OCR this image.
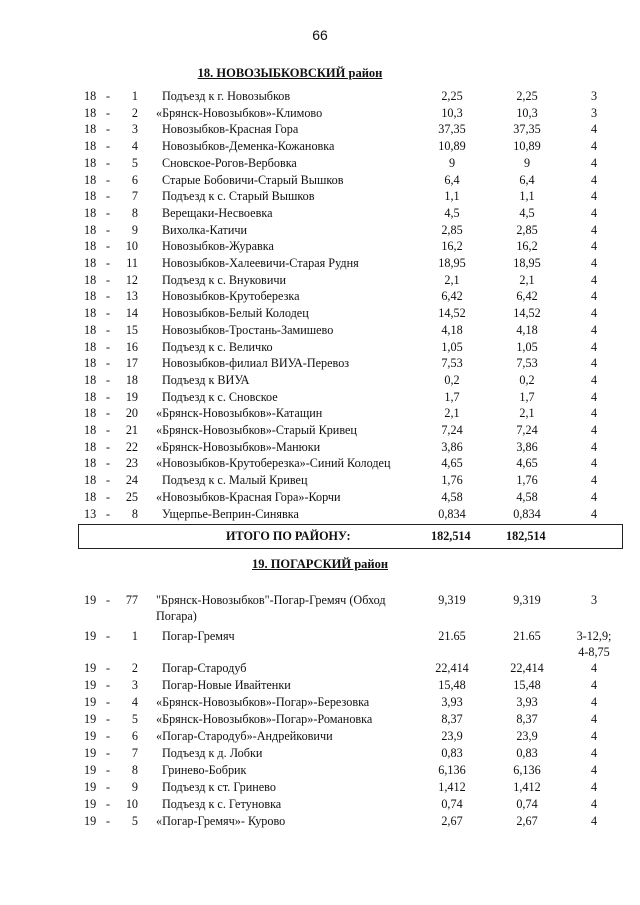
66
18. НОВОЗЫБКОВСКИЙ район
18 -	1 Подъезд к г. Новозыбков	2,25	2,25	3
18 -	2 «Брянск-Новозыбков»-Климово	10,3	10,3	3
18 -	3 Новозыбков-Красная Гора	37,35	37,35	4
18 -	4 Новозыбков-Деменка-Кожановка	10,89	10,89	4
18 -	5 Сновское-Рогов-Вербовка	9	9	4
18 -	6 Старые Бобовичи-Старый Вышков	6,4	6,4	4
18 -	7 Подъезд к с. Старый Вышков	1,1	1,1	4
18 -	8 Верещаки-Несвоевка	4,5	4,5	4
18 -	9 Вихолка-Катичи	2,85	2,85	4
18 -	10 Новозыбков-Журавка	16,2	16,2	4
18 -	11 Новозыбков-Халеевичи-Старая Рудня	18,95	18,95	4
18 -	12 Подъезд к с. Внуковичи	2,1	2,1	4
18 -	13 Новозыбков-Крутоберезка	6,42	6,42	4
18 -	14 Новозыбков-Белый Колодец	14,52	14,52	4
18 -	15 Новозыбков-Тростань-Замишево	4,18	4,18	4
18 -	16 Подъезд к с. Величко	1,05	1,05	4
18 -	17 Новозыбков-филиал ВИУА-Перевоз	7,53	7,53	4
18 -	18 Подъезд к ВИУА	0,2	0,2	4
18 -	19 Подъезд к с. Сновское	1,7	1,7	4
18 -	20 «Брянск-Новозыбков»-Катащин	2,1	2,1	4
18 -	21 «Брянск-Новозыбков»-Старый Кривец	7,24	7,24	4
18 -	22 «Брянск-Новозыбков»-Манюки	3,86	3,86	4
18 -	23 «Новозыбков-Крутоберезка»-Синий Колодец	4,65	4,65	4
18 -	24 Подъезд к с. Малый Кривец	1,76	1,76	4
18 -	25 «Новозыбков-Красная Гора»-Корчи	4,58	4,58	4
13 -	8 Ущерпье-Веприн-Синявка	0,834	0,834	4
ИТОГО ПО РАЙОНУ:	182,514	182,514
19. ПОГАРСКИЙ район
19 -	77 "Брянск-Новозыбков"-Погар-Гремяч (Обход Погара)
9,319	9,319	3
19 -	1 Погар-Гремяч	21.65	21.65	3-12,9;
4-8,75
19 -	2 Погар-Стародуб	22,414	22,414	4
19 -	3 Погар-Новые Ивайтенки	15,48	15,48	4
19 -	4 «Брянск-Новозыбков»-Погар»-Березовка	3,93	3,93	4
19 -	5 «Брянск-Новозыбков»-Погар»-Романовка	8,37	8,37	4
19 -	6 «Погар-Стародуб»-Андрейковичи	23,9	23,9	4
19 -	7 Подъезд к д. Лобки	0,83	0,83	4
19 -	8 Гринево-Бобрик	6,136	6,136	4
19 -	9 Подъезд к ст. Гринево	1,412	1,412	4
19 -	10 Подъезд к с. Гетуновка	0,74	0,74	4
19 -	5 «Погар-Гремяч»- Курово	2,67	2,67	4
